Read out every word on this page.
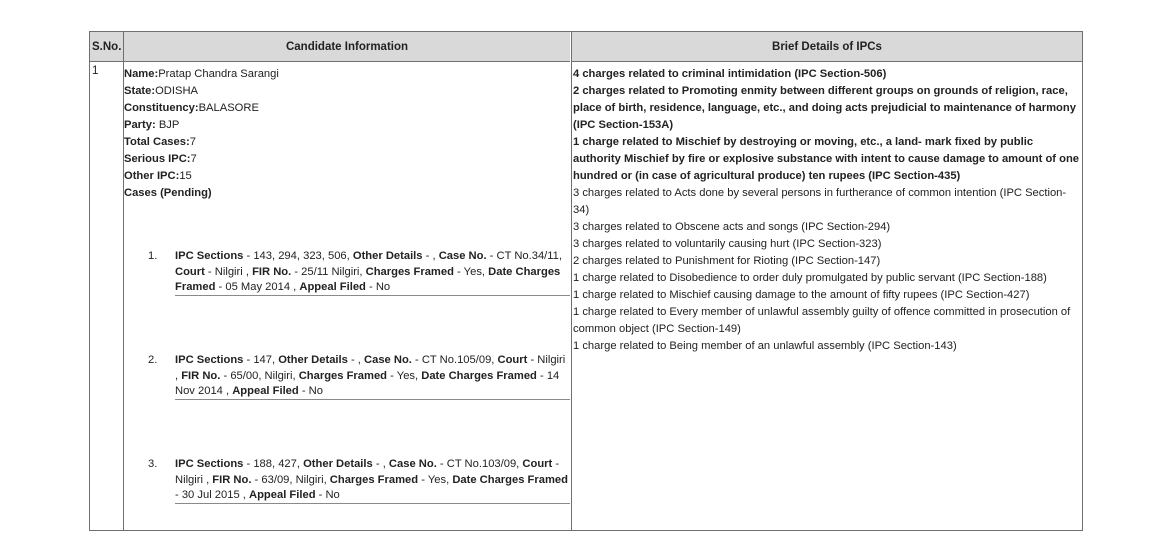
S.No.	Candidate Information	Brief Details of IPCs
1 Name:Pratap Chandra Sarangi
State:ODISHA
Constituency:BALASORE
Party: BJP
Total Cases:7
Serious IPC:7
Other IPC:15
Cases (Pending)
1. IPC Sections - 143, 294, 323, 506, Other Details - , Case No. - CT No.34/11, Court - Nilgiri , FIR No. - 25/11 Nilgiri, Charges Framed - Yes, Date Charges Framed - 05 May 2014 , Appeal Filed - No
2. IPC Sections - 147, Other Details - , Case No. - CT No.105/09, Court - Nilgiri , FIR No. - 65/00, Nilgiri, Charges Framed - Yes, Date Charges Framed - 14 Nov 2014 , Appeal Filed - No
3. IPC Sections - 188, 427, Other Details - , Case No. - CT No.103/09, Court - Nilgiri , FIR No. - 63/09, Nilgiri, Charges Framed - Yes, Date Charges Framed - 30 Jul 2015 , Appeal Filed - No

4 charges related to criminal intimidation (IPC Section-506)

2 charges related to Promoting enmity between different groups on grounds of religion, race, place of birth, residence, language, etc., and doing acts prejudicial to maintenance of harmony (IPC Section-153A)

1 charge related to Mischief by destroying or moving, etc., a land- mark fixed by public authority Mischief by fire or explosive substance with intent to cause damage to amount of one hundred or (in case of agricultural produce) ten rupees (IPC Section-435)

3 charges related to Acts done by several persons in furtherance of common intention (IPC Section-34)

3 charges related to Obscene acts and songs (IPC Section-294)

3 charges related to voluntarily causing hurt (IPC Section-323)

2 charges related to Punishment for Rioting (IPC Section-147)

1 charge related to Disobedience to order duly promulgated by public servant (IPC Section-188)

1 charge related to Mischief causing damage to the amount of fifty rupees (IPC Section-427)

1 charge related to Every member of unlawful assembly guilty of offence committed in prosecution of common object (IPC Section-149)

1 charge related to Being member of an unlawful assembly (IPC Section-143)
